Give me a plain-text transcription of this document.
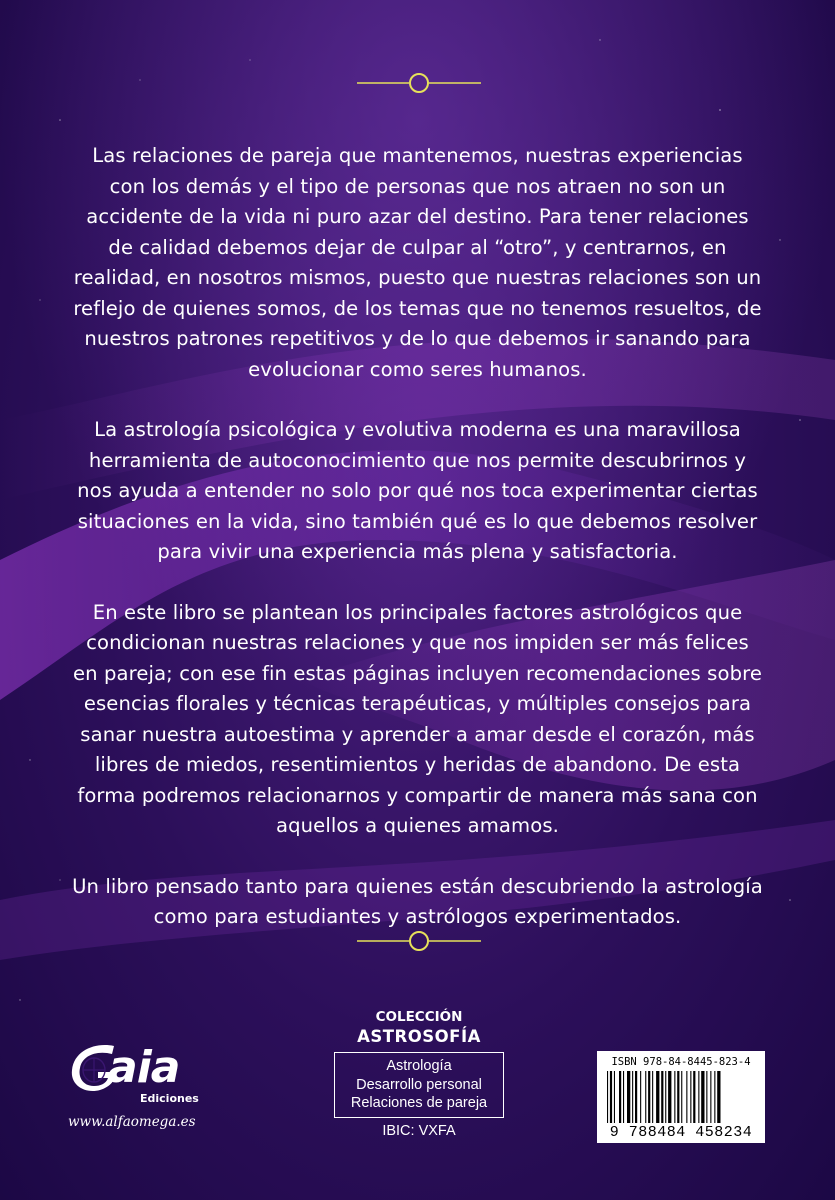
Las relaciones de pareja que mantenemos, nuestras experiencias con los demás y el tipo de personas que nos atraen no son un accidente de la vida ni puro azar del destino. Para tener relaciones de calidad debemos dejar de culpar al “otro”, y centrarnos, en realidad, en nosotros mismos, puesto que nuestras relaciones son un reflejo de quienes somos, de los temas que no tenemos resueltos, de nuestros patrones repetitivos y de lo que debemos ir sanando para evolucionar como seres humanos.

La astrología psicológica y evolutiva moderna es una maravillosa herramienta de autoconocimiento que nos permite descubrirnos y nos ayuda a entender no solo por qué nos toca experimentar ciertas situaciones en la vida, sino también qué es lo que debemos resolver para vivir una experiencia más plena y satisfactoria.

En este libro se plantean los principales factores astrológicos que condicionan nuestras relaciones y que nos impiden ser más felices en pareja; con ese fin estas páginas incluyen recomendaciones sobre esencias florales y técnicas terapéuticas, y múltiples consejos para sanar nuestra autoestima y aprender a amar desde el corazón, más libres de miedos, resentimientos y heridas de abandono. De esta forma podremos relacionarnos y compartir de manera más sana con aquellos a quienes amamos.

Un libro pensado tanto para quienes están descubriendo la astrología como para estudiantes y astrólogos experimentados.

aia
Ediciones
www.alfaomega.es
COLECCIÓN
ASTROSOFÍA
Astrología
Desarrollo personal
Relaciones de pareja
IBIC: VXFA
ISBN 978-84-8445-823-4
9 788484 458234
